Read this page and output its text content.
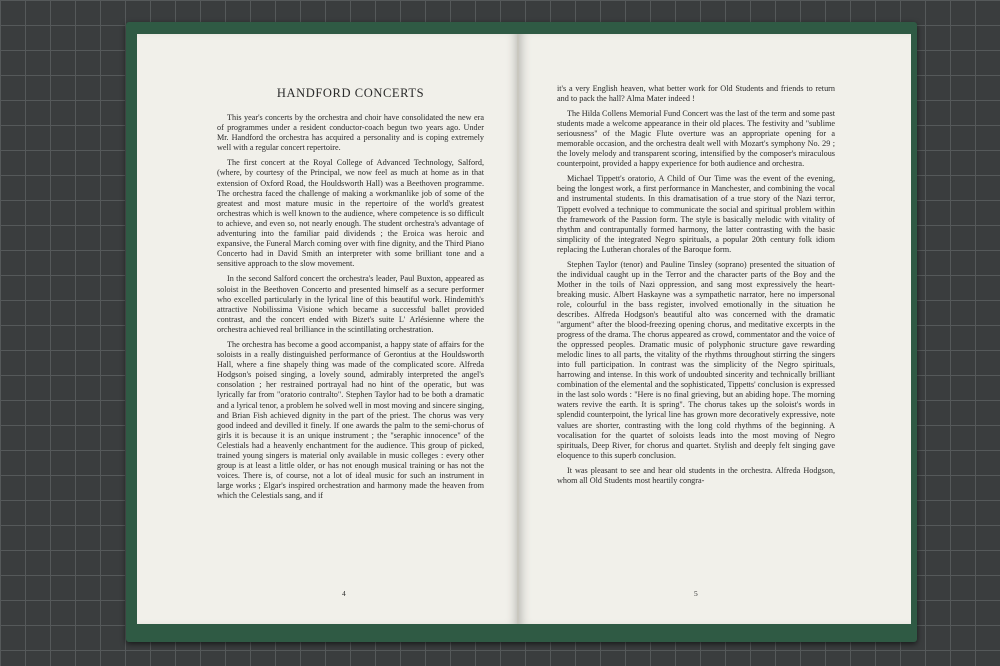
HANDFORD CONCERTS

This year's concerts by the orchestra and choir have consolidated the new era of programmes under a resident conductor-coach begun two years ago. Under Mr. Handford the orchestra has acquired a personality and is coping extremely well with a regular concert repertoire.

The first concert at the Royal College of Advanced Technology, Salford, (where, by courtesy of the Principal, we now feel as much at home as in that extension of Oxford Road, the Houldsworth Hall) was a Beethoven programme. The orchestra faced the challenge of making a workmanlike job of some of the greatest and most mature music in the repertoire of the world's greatest orchestras which is well known to the audience, where competence is so difficult to achieve, and even so, not nearly enough. The student orchestra's advantage of adventuring into the familiar paid dividends ; the Eroica was heroic and expansive, the Funeral March coming over with fine dignity, and the Third Piano Concerto had in David Smith an interpreter with some brilliant tone and a sensitive approach to the slow movement.

In the second Salford concert the orchestra's leader, Paul Buxton, appeared as soloist in the Beethoven Concerto and presented himself as a secure performer who excelled particularly in the lyrical line of this beautiful work. Hindemith's attractive Nobilissima Visione which became a successful ballet provided contrast, and the concert ended with Bizet's suite L' Arlésienne where the orchestra achieved real brilliance in the scintillating orchestration.

The orchestra has become a good accompanist, a happy state of affairs for the soloists in a really distinguished performance of Gerontius at the Houldsworth Hall, where a fine shapely thing was made of the complicated score. Alfreda Hodgson's poised singing, a lovely sound, admirably interpreted the angel's consolation ; her restrained portrayal had no hint of the operatic, but was lyrically far from "oratorio contralto". Stephen Taylor had to be both a dramatic and a lyrical tenor, a problem he solved well in most moving and sincere singing, and Brian Fish achieved dignity in the part of the priest. The chorus was very good indeed and devilled it finely. If one awards the palm to the semi-chorus of girls it is because it is an unique instrument ; the "seraphic innocence" of the Celestials had a heavenly enchantment for the audience. This group of picked, trained young singers is material only available in music colleges : every other group is at least a little older, or has not enough musical training or has not the voices. There is, of course, not a lot of ideal music for such an instrument in large works ; Elgar's inspired orchestration and harmony made the heaven from which the Celestials sang, and if

4

it's a very English heaven, what better work for Old Students and friends to return and to pack the hall? Alma Mater indeed !

The Hilda Collens Memorial Fund Concert was the last of the term and some past students made a welcome appearance in their old places. The festivity and "sublime seriousness" of the Magic Flute overture was an appropriate opening for a memorable occasion, and the orchestra dealt well with Mozart's symphony No. 29 ; the lovely melody and transparent scoring, intensified by the composer's miraculous counterpoint, provided a happy experience for both audience and orchestra.

Michael Tippett's oratorio, A Child of Our Time was the event of the evening, being the longest work, a first performance in Manchester, and combining the vocal and instrumental students. In this dramatisation of a true story of the Nazi terror, Tippett evolved a technique to communicate the social and spiritual problem within the framework of the Passion form. The style is basically melodic with vitality of rhythm and contrapuntally formed harmony, the latter contrasting with the basic simplicity of the integrated Negro spirituals, a popular 20th century folk idiom replacing the Lutheran chorales of the Baroque form.

Stephen Taylor (tenor) and Pauline Tinsley (soprano) presented the situation of the individual caught up in the Terror and the character parts of the Boy and the Mother in the toils of Nazi oppression, and sang most expressively the heart-breaking music. Albert Haskayne was a sympathetic narrator, here no impersonal role, colourful in the bass register, involved emotionally in the situation he describes. Alfreda Hodgson's beautiful alto was concerned with the dramatic "argument" after the blood-freezing opening chorus, and meditative excerpts in the progress of the drama. The chorus appeared as crowd, commentator and the voice of the oppressed peoples. Dramatic music of polyphonic structure gave rewarding melodic lines to all parts, the vitality of the rhythms throughout stirring the singers into full participation. In contrast was the simplicity of the Negro spirituals, harrowing and intense. In this work of undoubted sincerity and technically brilliant combination of the elemental and the sophisticated, Tippetts' conclusion is expressed in the last solo words : "Here is no final grieving, but an abiding hope. The morning waters revive the earth. It is spring". The chorus takes up the soloist's words in splendid counterpoint, the lyrical line has grown more decoratively expressive, note values are shorter, contrasting with the long cold rhythms of the beginning. A vocalisation for the quartet of soloists leads into the most moving of Negro spirituals, Deep River, for chorus and quartet. Stylish and deeply felt singing gave eloquence to this superb conclusion.

It was pleasant to see and hear old students in the orchestra. Alfreda Hodgson, whom all Old Students most heartily congra-

5
